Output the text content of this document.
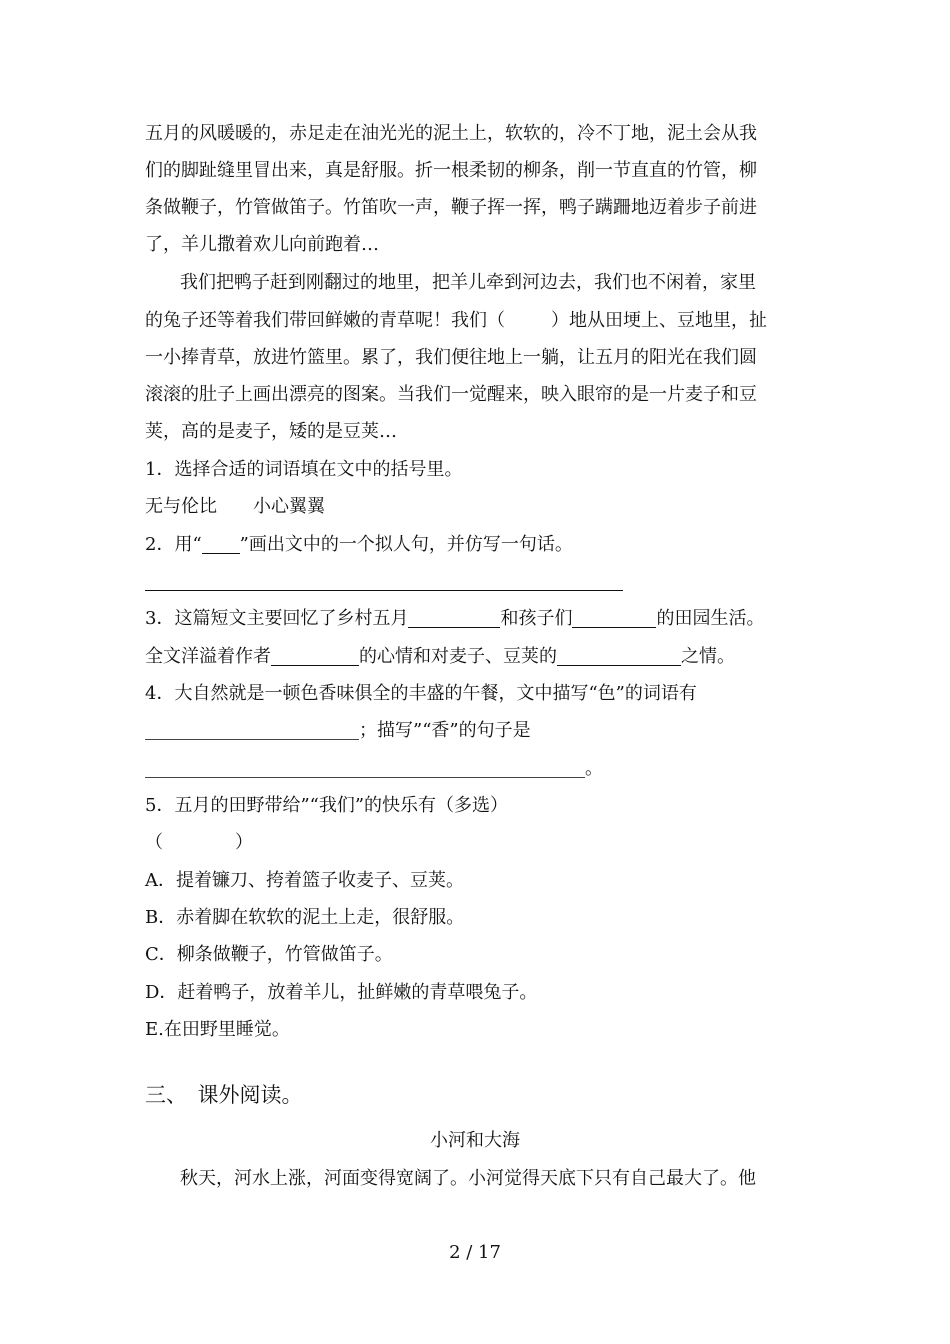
五月的风暖暖的，赤足走在油光光的泥土上，软软的，冷不丁地，泥土会从我
们的脚趾缝里冒出来，真是舒服。折一根柔韧的柳条，削一节直直的竹管，柳
条做鞭子，竹管做笛子。竹笛吹一声，鞭子挥一挥，鸭子蹒跚地迈着步子前进
了，羊儿撒着欢儿向前跑着…
我们把鸭子赶到刚翻过的地里，把羊儿牵到河边去，我们也不闲着，家里
的兔子还等着我们带回鲜嫩的青草呢！我们（	）地从田埂上、豆地里，扯
一小捧青草，放进竹篮里。累了，我们便往地上一躺，让五月的阳光在我们圆
滚滚的肚子上画出漂亮的图案。当我们一觉醒来，映入眼帘的是一片麦子和豆
荚，高的是麦子，矮的是豆荚…
1．选择合适的词语填在文中的括号里。
无与伦比　　小心翼翼
2．用“ ”画出文中的一个拟人句，并仿写一句话。
3．这篇短文主要回忆了乡村五月	和孩子们	的田园生活。
全文洋溢着作者	的心情和对麦子、豆荚的	之情。
4．大自然就是一顿色香味俱全的丰盛的午餐，文中描写“色”的词语有
；描写”“香”的句子是
。
5．五月的田野带给”“我们”的快乐有（多选）
（　　　　）
A．提着镰刀、挎着篮子收麦子、豆荚。
B．赤着脚在软软的泥土上走，很舒服。
C．柳条做鞭子，竹管做笛子。
D．赶着鸭子，放着羊儿，扯鲜嫩的青草喂兔子。
E.在田野里睡觉。
三、　课外阅读。
小河和大海
秋天，河水上涨，河面变得宽阔了。小河觉得天底下只有自己最大了。他
2 / 17
